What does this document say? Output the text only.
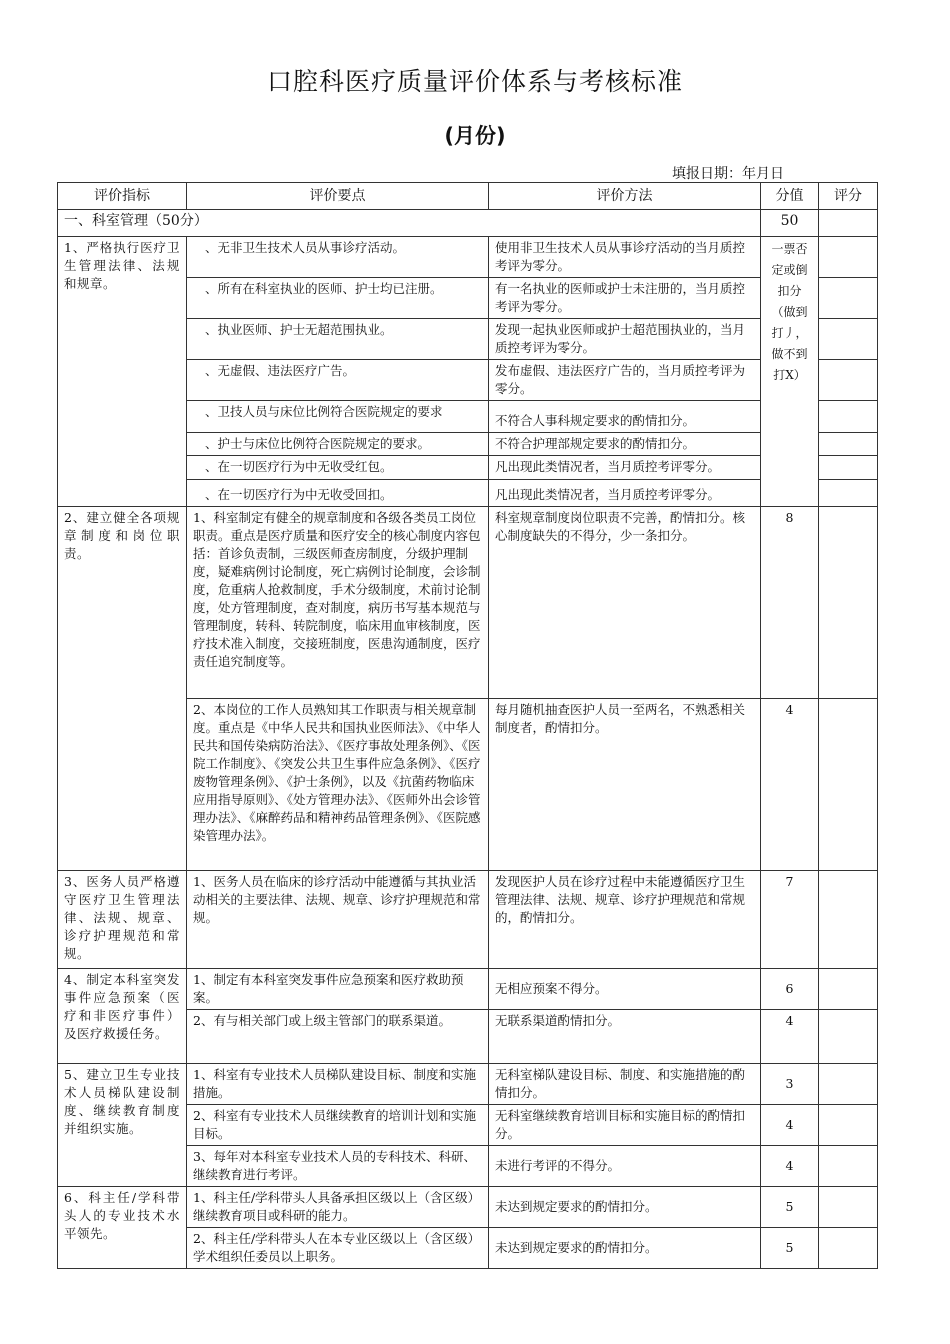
口腔科医疗质量评价体系与考核标准
(月份)
填报日期：年月日
评价指标	评价要点	评价方法	分值	评分
一、科室管理（50分）			50	
1、严格执行医疗卫生管理法律、法规和规章。	、无非卫生技术人员从事诊疗活动。	使用非卫生技术人员从事诊疗活动的当月质控考评为零分。	一票否定或倒扣分（做到打丿，做不到打X）	
	、所有在科室执业的医师、护士均已注册。	有一名执业的医师或护士未注册的，当月质控考评为零分。		
	、执业医师、护士无超范围执业。	发现一起执业医师或护士超范围执业的，当月质控考评为零分。		
	、无虚假、违法医疗广告。	发布虚假、违法医疗广告的，当月质控考评为零分。		
	、卫技人员与床位比例符合医院规定的要求	不符合人事科规定要求的酌情扣分。		
	、护士与床位比例符合医院规定的要求。	不符合护理部规定要求的酌情扣分。		
	、在一切医疗行为中无收受红包。	凡出现此类情况者，当月质控考评零分。		
	、在一切医疗行为中无收受回扣。	凡出现此类情况者，当月质控考评零分。		
2、建立健全各项规章制度和岗位职责。	1、科室制定有健全的规章制度和各级各类员工岗位职责。重点是医疗质量和医疗安全的核心制度内容包括：首诊负责制，三级医师查房制度，分级护理制度，疑难病例讨论制度，死亡病例讨论制度，会诊制度，危重病人抢救制度，手术分级制度，术前讨论制度，处方管理制度，查对制度，病历书写基本规范与管理制度，转科、转院制度，临床用血审核制度，医疗技术准入制度，交接班制度，医患沟通制度，医疗责任追究制度等。	科室规章制度岗位职责不完善，酌情扣分。核心制度缺失的不得分，少一条扣分。	8	
	2、本岗位的工作人员熟知其工作职责与相关规章制度。重点是《中华人民共和国执业医师法》、《中华人民共和国传染病防治法》、《医疗事故处理条例》、《医院工作制度》、《突发公共卫生事件应急条例》、《医疗废物管理条例》、《护士条例》，以及《抗菌药物临床应用指导原则》、《处方管理办法》、《医师外出会诊管理办法》、《麻醉药品和精神药品管理条例》、《医院感染管理办法》。	每月随机抽查医护人员一至两名，不熟悉相关制度者，酌情扣分。	4	
3、医务人员严格遵守医疗卫生管理法律、法规、规章、诊疗护理规范和常规。	1、医务人员在临床的诊疗活动中能遵循与其执业活动相关的主要法律、法规、规章、诊疗护理规范和常规。	发现医护人员在诊疗过程中未能遵循医疗卫生管理法律、法规、规章、诊疗护理规范和常规的，酌情扣分。	7	
4、制定本科室突发事件应急预案（医疗和非医疗事件）及医疗救援任务。	1、制定有本科室突发事件应急预案和医疗救助预案。	无相应预案不得分。	6	
	2、有与相关部门或上级主管部门的联系渠道。	无联系渠道酌情扣分。	4	
5、建立卫生专业技术人员梯队建设制度、继续教育制度并组织实施。	1、科室有专业技术人员梯队建设目标、制度和实施措施。	无科室梯队建设目标、制度、和实施措施的酌情扣分。	3	
	2、科室有专业技术人员继续教育的培训计划和实施目标。	无科室继续教育培训目标和实施目标的酌情扣分。	4	
	3、每年对本科室专业技术人员的专科技术、科研、继续教育进行考评。	未进行考评的不得分。	4	
6、科主任/学科带头人的专业技术水平领先。	1、科主任/学科带头人具备承担区级以上（含区级）继续教育项目或科研的能力。	未达到规定要求的酌情扣分。	5	
	2、科主任/学科带头人在本专业区级以上（含区级）学术组织任委员以上职务。	未达到规定要求的酌情扣分。	5	
